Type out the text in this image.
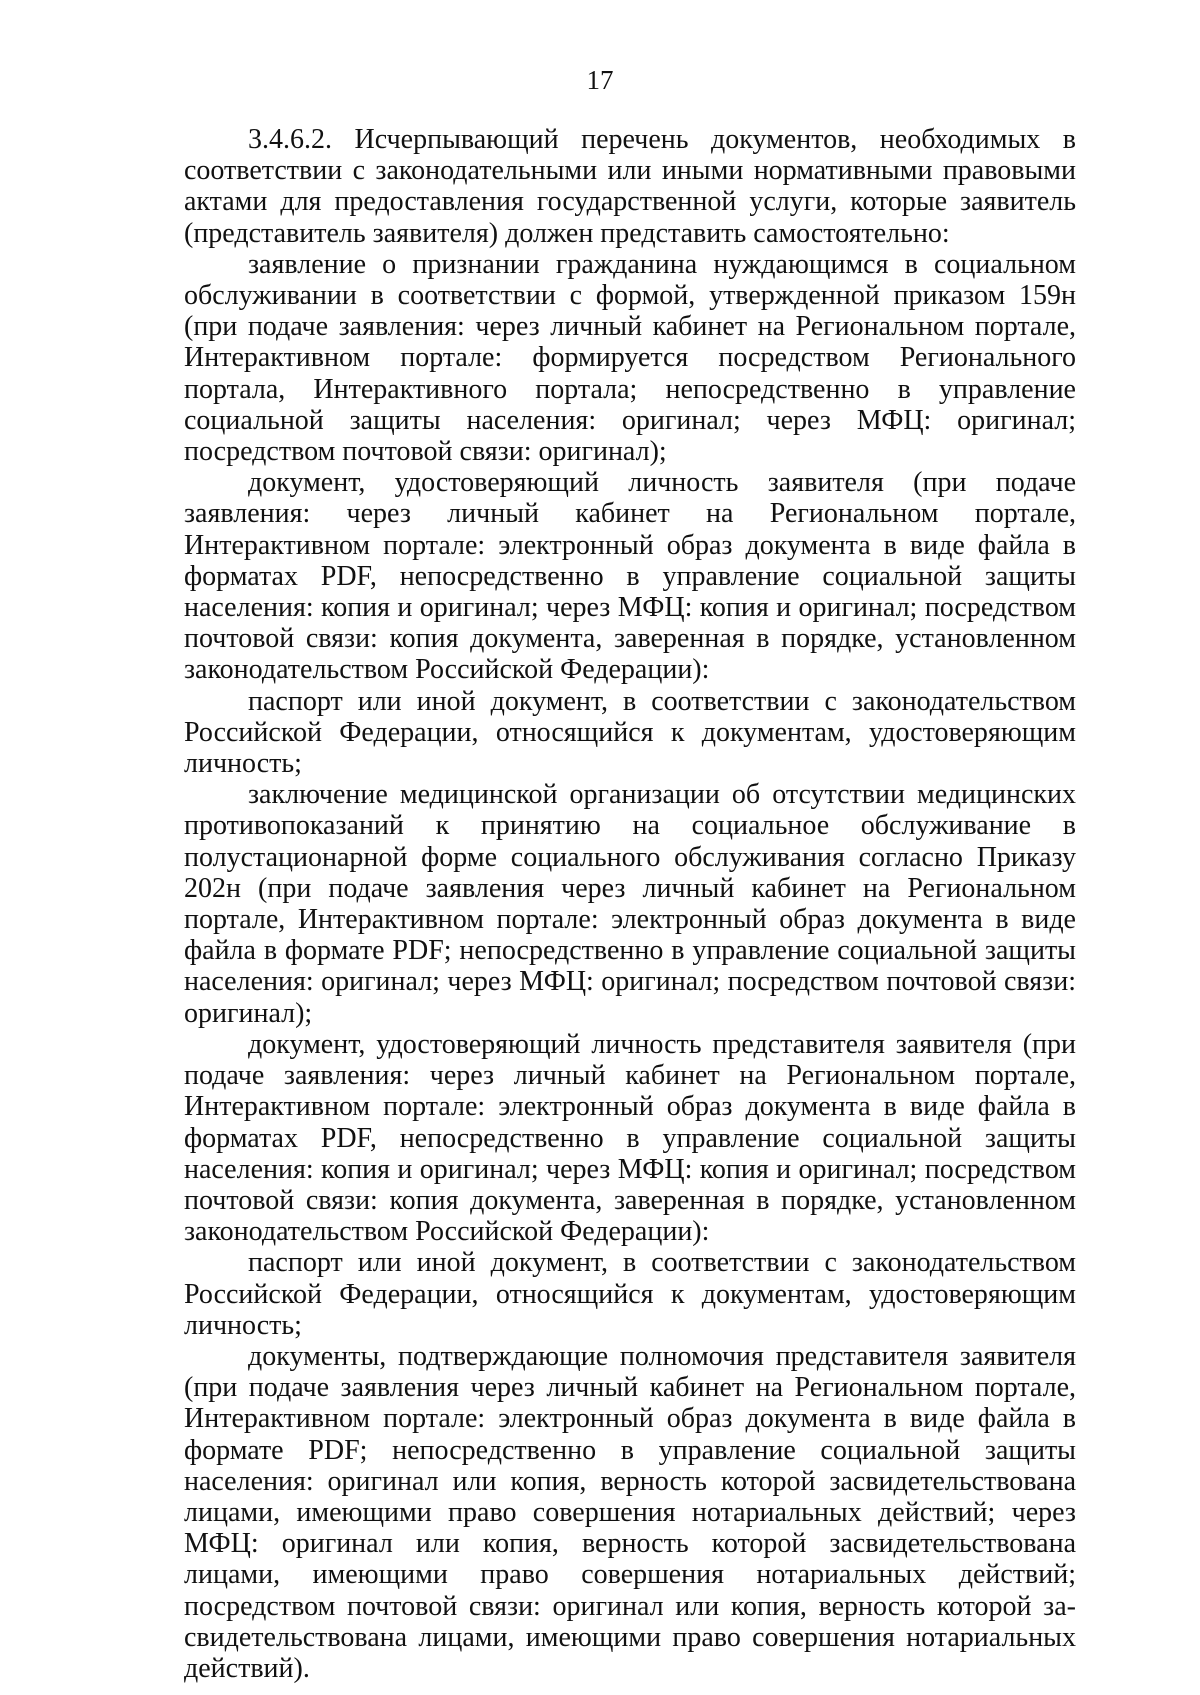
17

3.4.6.2. Исчерпывающий перечень документов, необходимых в соответствии с законодательными или иными нормативными правовыми актами для предоставления государственной услуги, которые заявитель (представитель заявителя) должен представить самостоятельно:

заявление о признании гражданина нуждающимся в социальном обслуживании в соответствии с формой, утвержденной приказом 159н (при подаче заявления: через личный кабинет на Региональном портале, Интерактивном портале: формируется посредством Регионального портала, Интерактивного портала; непосредственно в управление социальной защиты населения: оригинал; через МФЦ: оригинал; посредством почтовой связи: оригинал);

документ, удостоверяющий личность заявителя (при подаче заявления: через личный кабинет на Региональном портале, Интерактивном портале: электронный образ документа в виде файла в форматах PDF, непосредственно в управление социальной защиты населения: копия и оригинал; через МФЦ: копия и оригинал; посредством почтовой связи: копия документа, заверенная в порядке, установленном законодательством Российской Федерации):

паспорт или иной документ, в соответствии с законодательством Российской Федерации, относящийся к документам, удостоверяющим личность;

заключение медицинской организации об отсутствии медицинских противопоказаний к принятию на социальное обслуживание в полустационарной форме социального обслуживания согласно Приказу 202н (при подаче заявления через личный кабинет на Региональном портале, Интерактивном портале: электронный образ документа в виде файла в формате PDF; непосредственно в управление социальной защиты населения: оригинал; через МФЦ: оригинал; посредством почтовой связи: оригинал);

документ, удостоверяющий личность представителя заявителя (при подаче заявления: через личный кабинет на Региональном портале, Интерактивном портале: электронный образ документа в виде файла в форматах PDF, непосредственно в управление социальной защиты населения: копия и оригинал; через МФЦ: копия и оригинал; посредством почтовой связи: копия документа, заверенная в порядке, установленном законодательством Российской Федерации):

паспорт или иной документ, в соответствии с законодательством Российской Федерации, относящийся к документам, удостоверяющим личность;

документы, подтверждающие полномочия представителя заявителя (при подаче заявления через личный кабинет на Региональном портале, Интерактивном портале: электронный образ документа в виде файла в формате PDF; непосредственно в управление социальной защиты населения: оригинал или копия, верность которой засвидетельствована лицами, имеющими право совершения нотариальных действий; через МФЦ: оригинал или копия, верность которой засвидетельствована лицами, имеющими право совершения нотариальных действий; посредством почтовой связи: оригинал или копия, верность которой засвидетельствована лицами, имеющими право совершения нотариальных действий).
